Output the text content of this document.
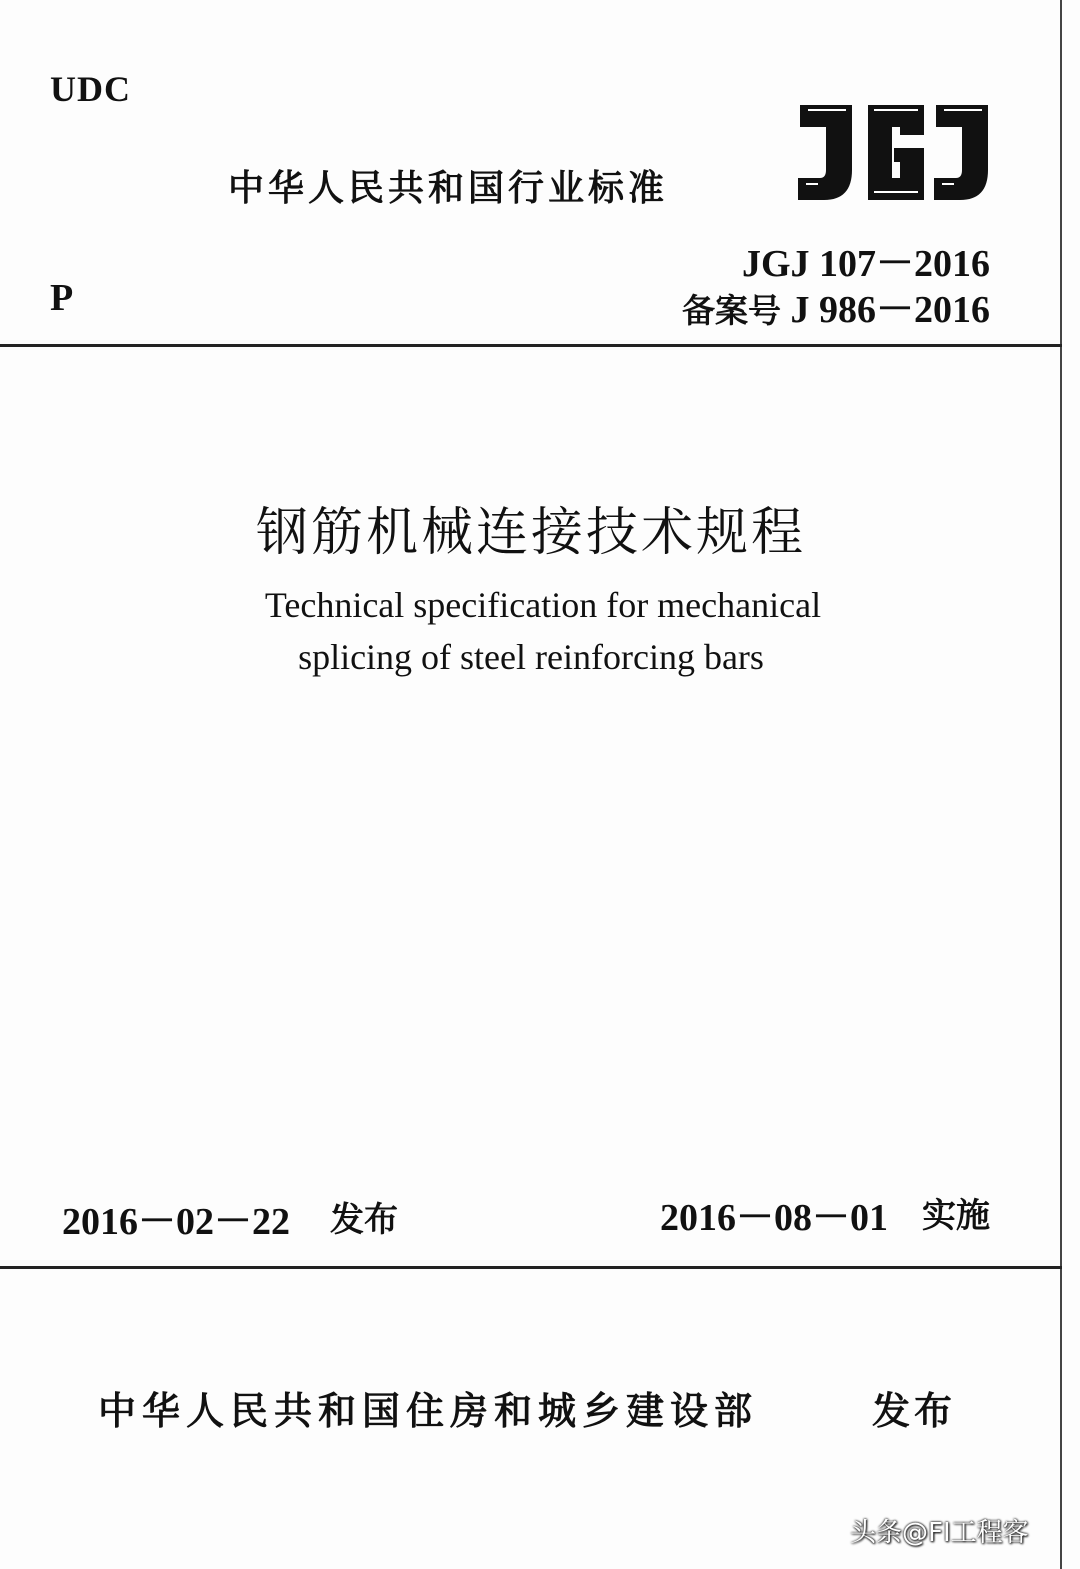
UDC
P
中华人民共和国行业标准
JGJ 107－2016
备案号 J 986－2016
钢筋机械连接技术规程
Technical specification for mechanical
splicing of steel reinforcing bars
2016－02－22 发布	2016－08－01 实施
中华人民共和国住房和城乡建设部	发布
头条@FI工程客
